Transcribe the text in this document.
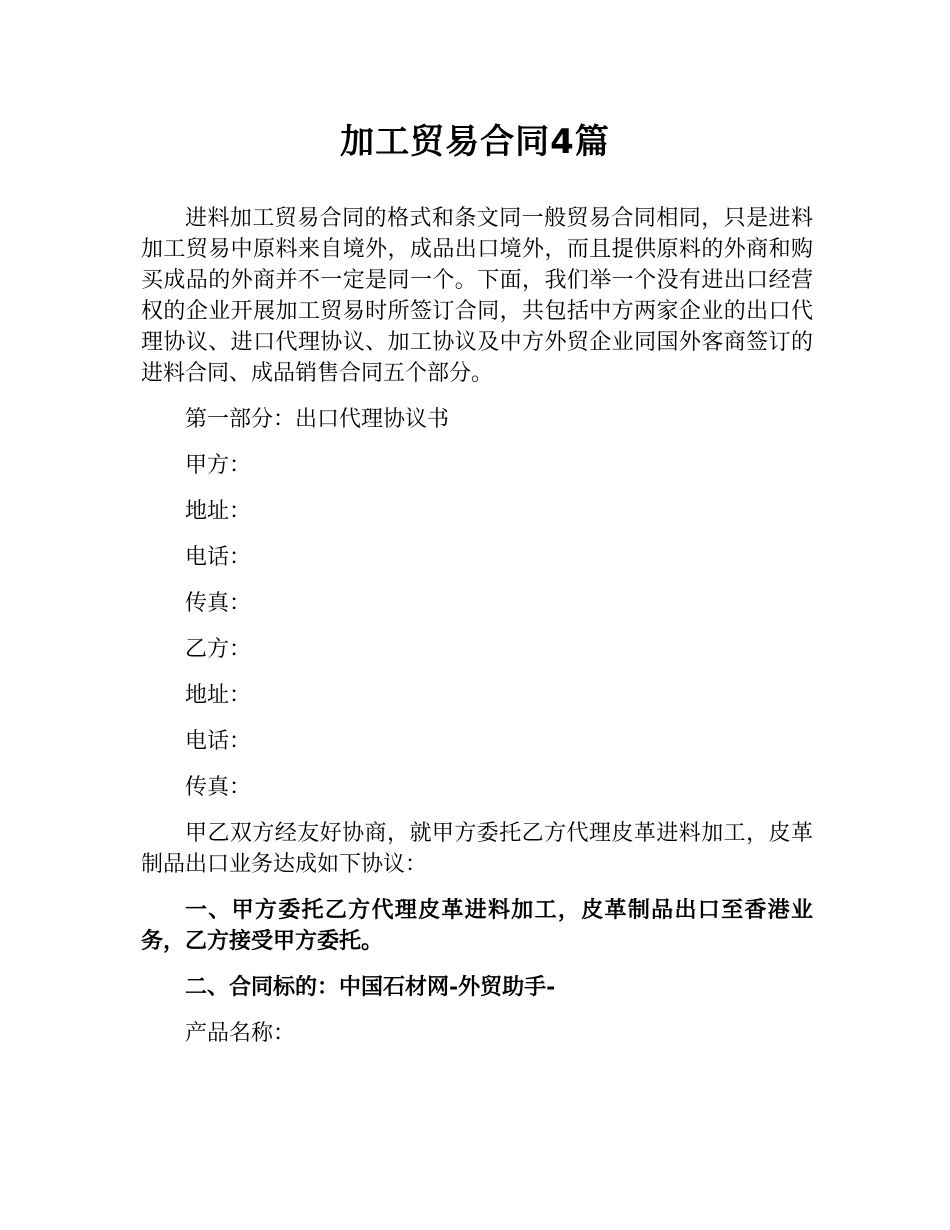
加工贸易合同4篇

进料加工贸易合同的格式和条文同一般贸易合同相同，只是进料加工贸易中原料来自境外，成品出口境外，而且提供原料的外商和购买成品的外商并不一定是同一个。下面，我们举一个没有进出口经营权的企业开展加工贸易时所签订合同，共包括中方两家企业的出口代理协议、进口代理协议、加工协议及中方外贸企业同国外客商签订的进料合同、成品销售合同五个部分。

第一部分：出口代理协议书

甲方：

地址：

电话：

传真：

乙方：

地址：

电话：

传真：

甲乙双方经友好协商，就甲方委托乙方代理皮革进料加工，皮革制品出口业务达成如下协议：

一、甲方委托乙方代理皮革进料加工，皮革制品出口至香港业务，乙方接受甲方委托。

二、合同标的：中国石材网-外贸助手-

产品名称：
